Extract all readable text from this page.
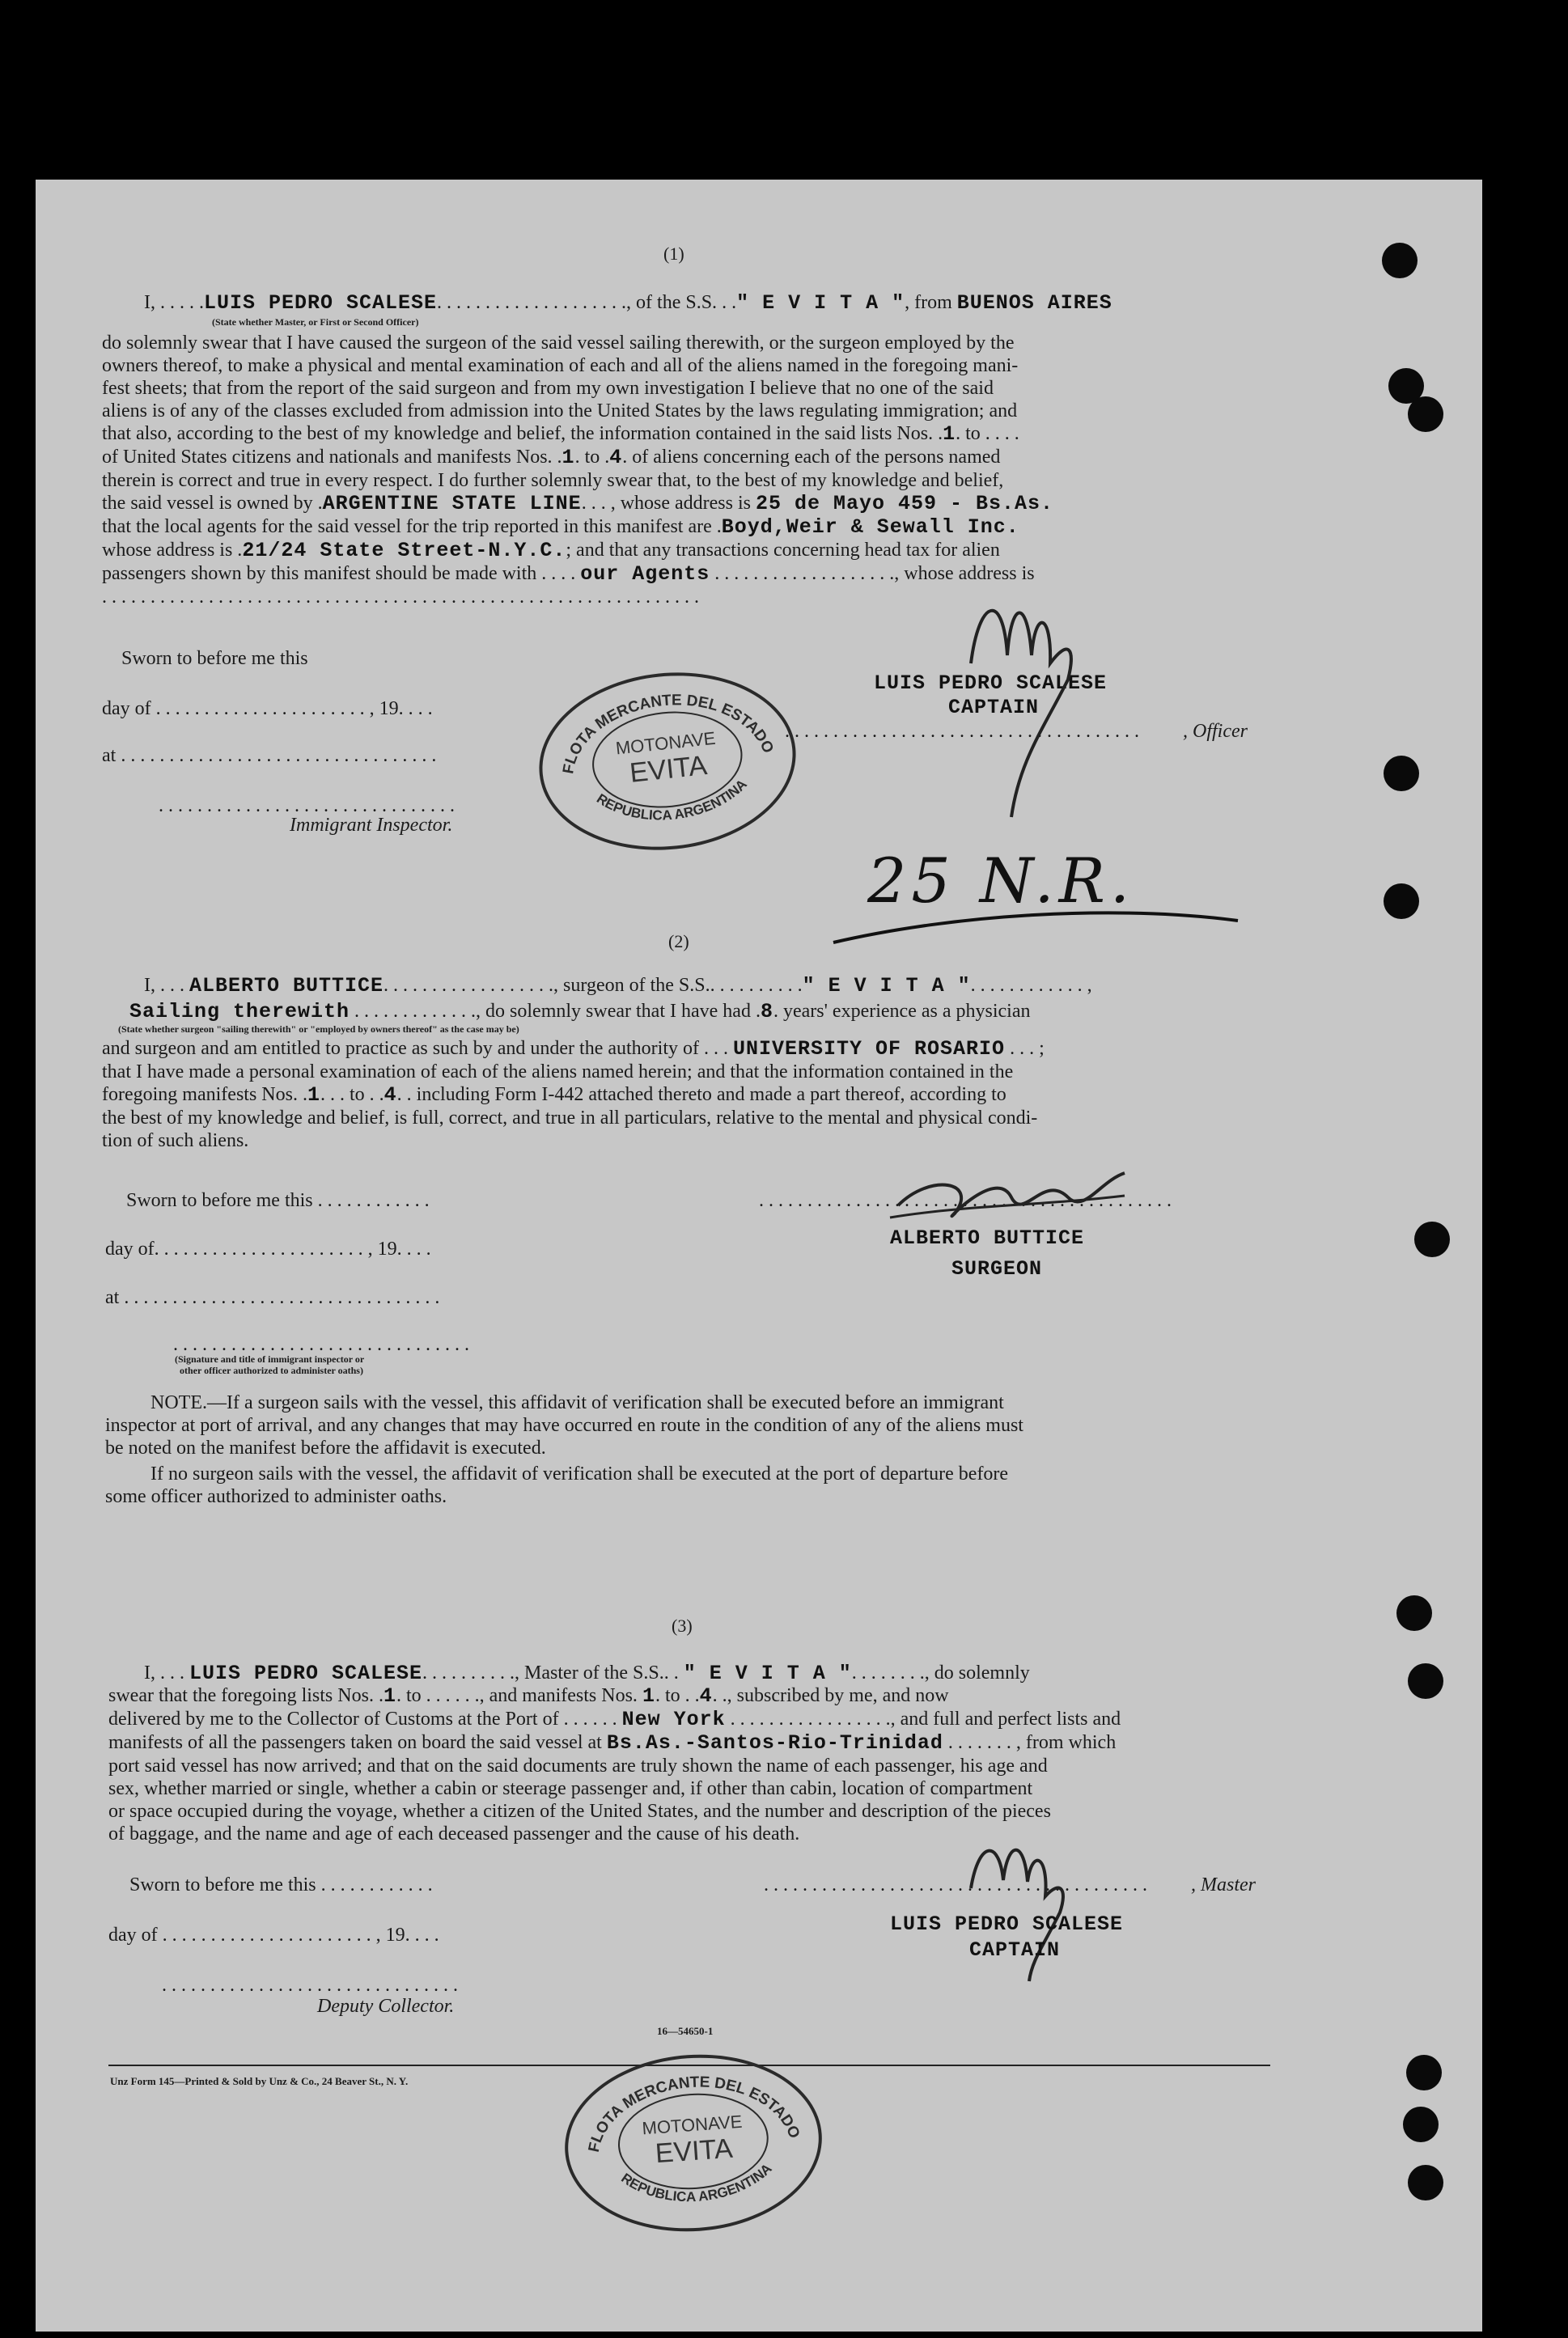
(1)
I, . . . . .LUIS PEDRO SCALESE. . . . . . . . . . . . . . . . . . . ., of the S.S. . ." E V I T A ", from BUENOS AIRES
(State whether Master, or First or Second Officer)
do solemnly swear that I have caused the surgeon of the said vessel sailing therewith, or the surgeon employed by the
owners thereof, to make a physical and mental examination of each and all of the aliens named in the foregoing mani-
fest sheets; that from the report of the said surgeon and from my own investigation I believe that no one of the said
aliens is of any of the classes excluded from admission into the United States by the laws regulating immigration; and
that also, according to the best of my knowledge and belief, the information contained in the said lists Nos. .1. to . . . .
of United States citizens and nationals and manifests Nos. .1. to .4. of aliens concerning each of the persons named
therein is correct and true in every respect. I do further solemnly swear that, to the best of my knowledge and belief,
the said vessel is owned by .ARGENTINE STATE LINE. . . , whose address is 25 de Mayo 459 - Bs.As.
that the local agents for the said vessel for the trip reported in this manifest are .Boyd,Weir & Sewall Inc.
whose address is .21/24 State Street-N.Y.C.; and that any transactions concerning head tax for alien
passengers shown by this manifest should be made with . . . . our Agents . . . . . . . . . . . . . . . . . . ., whose address is
. . . . . . . . . . . . . . . . . . . . . . . . . . . . . . . . . . . . . . . . . . . . . . . . . . . . . . . . . . . . . .
Sworn to before me this
day of . . . . . . . . . . . . . . . . . . . . . . , 19. . . .
at . . . . . . . . . . . . . . . . . . . . . . . . . . . . . . . . .
. . . . . . . . . . . . . . . . . . . . . . . . . . . . . . .
Immigrant Inspector.
LUIS PEDRO SCALESE
CAPTAIN
. . . . . . . . . . . . . . . . . . . . . . . . . . . . . . . . . . . . . , Officer
25 N.R.
(2)
I, . . . ALBERTO BUTTICE. . . . . . . . . . . . . . . . . ., surgeon of the S.S.. . . . . . . . . ." E V I T A ". . . . . . . . . . . . ,
Sailing therewith . . . . . . . . . . . . ., do solemnly swear that I have had .8. years' experience as a physician
(State whether surgeon "sailing therewith" or "employed by owners thereof" as the case may be)
and surgeon and am entitled to practice as such by and under the authority of . . . UNIVERSITY OF ROSARIO . . . ;
that I have made a personal examination of each of the aliens named herein; and that the information contained in the
foregoing manifests Nos. .1. . . to . .4. . including Form I-442 attached thereto and made a part thereof, according to
the best of my knowledge and belief, is full, correct, and true in all particulars, relative to the mental and physical condi-
tion of such aliens.
Sworn to before me this . . . . . . . . . . . .
day of. . . . . . . . . . . . . . . . . . . . . . , 19. . . .
at . . . . . . . . . . . . . . . . . . . . . . . . . . . . . . . . .
. . . . . . . . . . . . . . . . . . . . . . . . . . . . . . .
(Signature and title of immigrant inspector or
other officer authorized to administer oaths)
. . . . . . . . . . . . . . . . . . . . . . . . . . . . . . . . . . . . . . . . . . .
ALBERTO BUTTICE
SURGEON
NOTE.—If a surgeon sails with the vessel, this affidavit of verification shall be executed before an immigrant
inspector at port of arrival, and any changes that may have occurred en route in the condition of any of the aliens must
be noted on the manifest before the affidavit is executed.
If no surgeon sails with the vessel, the affidavit of verification shall be executed at the port of departure before
some officer authorized to administer oaths.
(3)
I, . . . LUIS PEDRO SCALESE. . . . . . . . . ., Master of the S.S.. . " E V I T A ". . . . . . . ., do solemnly
swear that the foregoing lists Nos. .1. to . . . . . ., and manifests Nos. 1. to . .4. ., subscribed by me, and now
delivered by me to the Collector of Customs at the Port of . . . . . . New York . . . . . . . . . . . . . . . . ., and full and perfect lists and
manifests of all the passengers taken on board the said vessel at Bs.As.-Santos-Rio-Trinidad . . . . . . . , from which
port said vessel has now arrived; and that on the said documents are truly shown the name of each passenger, his age and
sex, whether married or single, whether a cabin or steerage passenger and, if other than cabin, location of compartment
or space occupied during the voyage, whether a citizen of the United States, and the number and description of the pieces
of baggage, and the name and age of each deceased passenger and the cause of his death.
Sworn to before me this . . . . . . . . . . . .
day of . . . . . . . . . . . . . . . . . . . . . . , 19. . . .
. . . . . . . . . . . . . . . . . . . . . . . . . . . . . . .
Deputy Collector.
. . . . . . . . . . . . . . . . . . . . . . . . . . . . . . . . . . . . . . . . , Master
LUIS PEDRO SCALESE
CAPTAIN
16—54650-1
Unz Form 145—Printed & Sold by Unz & Co., 24 Beaver St., N. Y.
FLOTA MERCANTE DEL ESTADO
REPUBLICA ARGENTINA
MOTONAVE
EVITA
FLOTA MERCANTE DEL ESTADO
REPUBLICA ARGENTINA
MOTONAVE
EVITA
